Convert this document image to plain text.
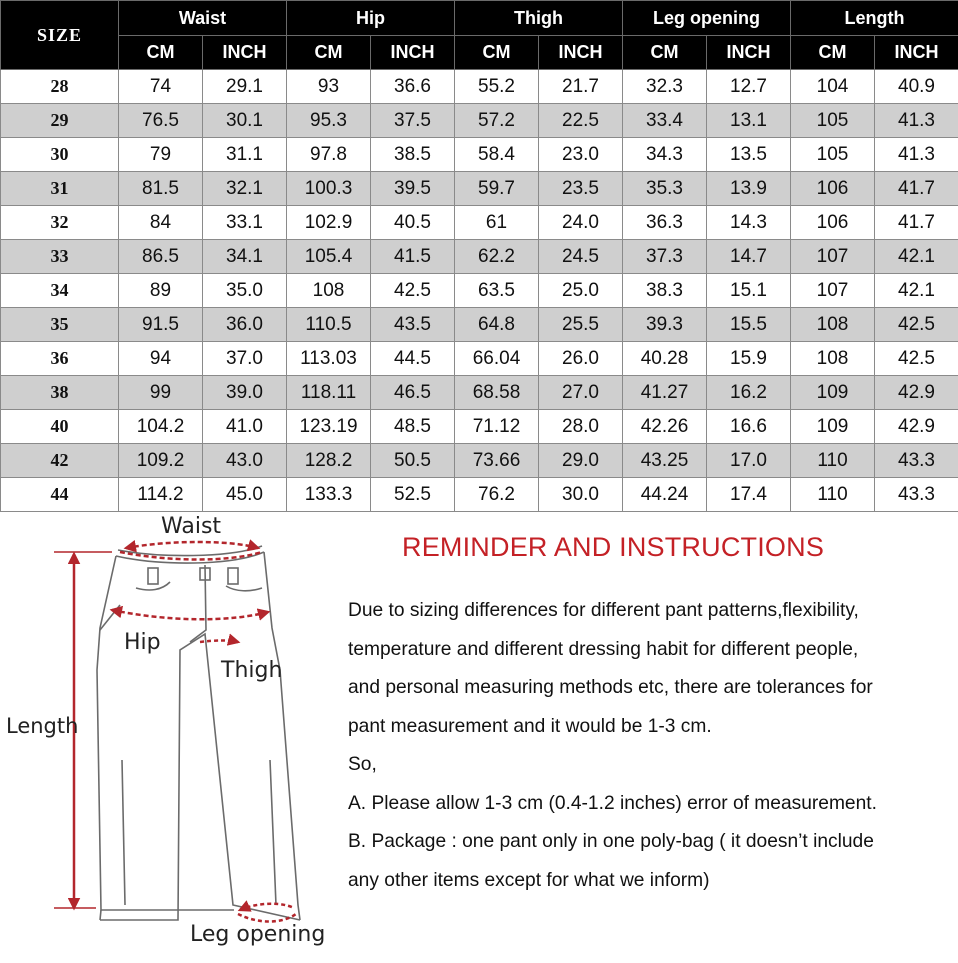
SIZE	Waist		Hip		Thigh		Leg opening		Length	
	CM	INCH	CM	INCH	CM	INCH	CM	INCH	CM	INCH
28	74	29.1	93	36.6	55.2	21.7	32.3	12.7	104	40.9
29	76.5	30.1	95.3	37.5	57.2	22.5	33.4	13.1	105	41.3
30	79	31.1	97.8	38.5	58.4	23.0	34.3	13.5	105	41.3
31	81.5	32.1	100.3	39.5	59.7	23.5	35.3	13.9	106	41.7
32	84	33.1	102.9	40.5	61	24.0	36.3	14.3	106	41.7
33	86.5	34.1	105.4	41.5	62.2	24.5	37.3	14.7	107	42.1
34	89	35.0	108	42.5	63.5	25.0	38.3	15.1	107	42.1
35	91.5	36.0	110.5	43.5	64.8	25.5	39.3	15.5	108	42.5
36	94	37.0	113.03	44.5	66.04	26.0	40.28	15.9	108	42.5
38	99	39.0	118.11	46.5	68.58	27.0	41.27	16.2	109	42.9
40	104.2	41.0	123.19	48.5	71.12	28.0	42.26	16.6	109	42.9
42	109.2	43.0	128.2	50.5	73.66	29.0	43.25	17.0	110	43.3
44	114.2	45.0	133.3	52.5	76.2	30.0	44.24	17.4	110	43.3
Waist
Hip
Thigh
Length
Leg opening
REMINDER AND INSTRUCTIONS

Due to sizing differences for different pant patterns,flexibility,

temperature and different dressing habit for different people,

and personal measuring methods etc, there are tolerances for

pant measurement and it would be 1-3 cm.

So,

A. Please allow 1-3 cm (0.4-1.2 inches) error of measurement.

B. Package : one pant only in one poly-bag ( it doesn’t include

any other items except for what we inform)
